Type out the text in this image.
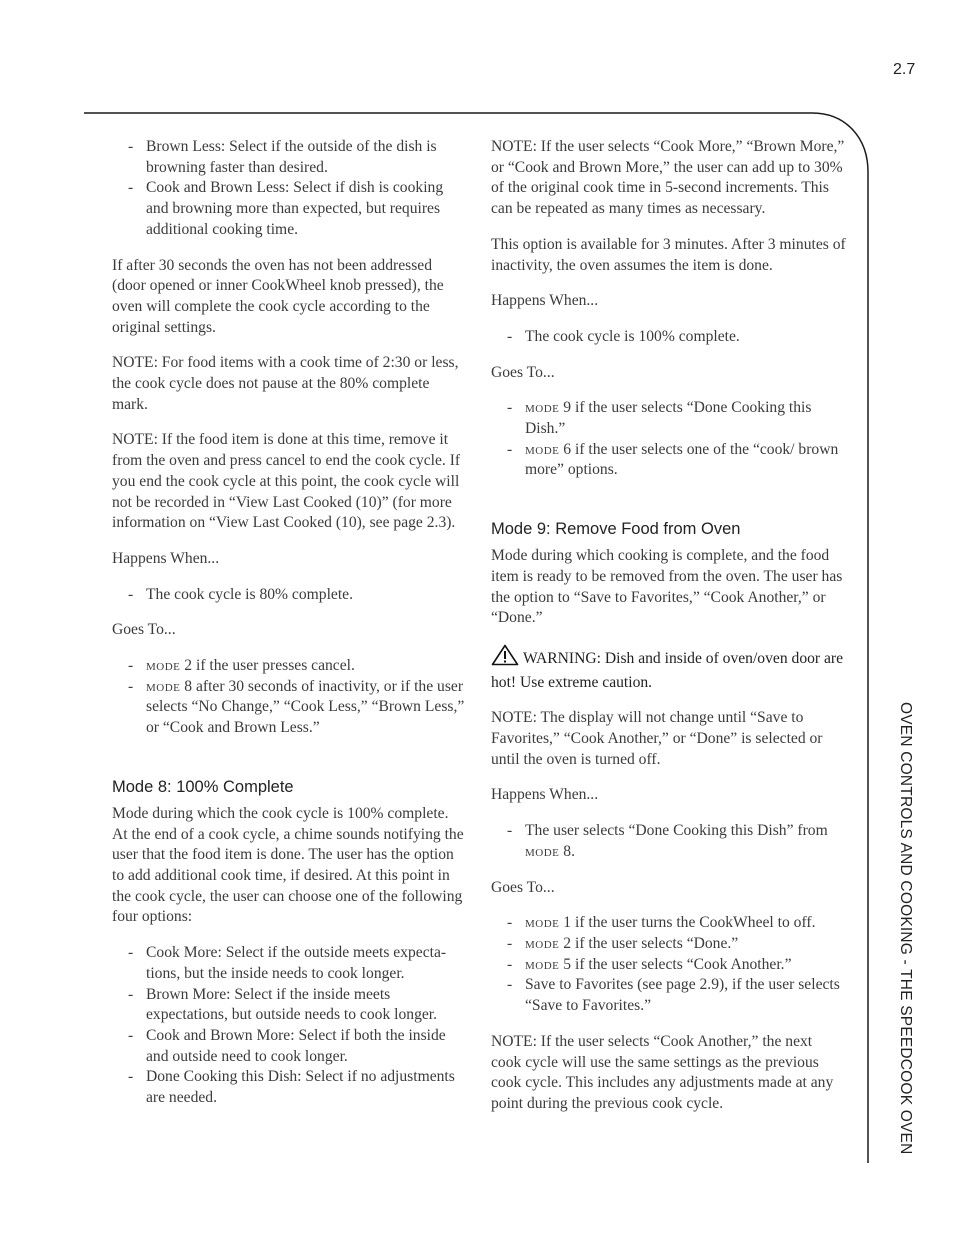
2.7
- Brown Less: Select if the outside of the dish is browning faster than desired.
- Cook and Brown Less: Select if dish is cooking and browning more than expected, but requires additional cooking time.

If after 30 seconds the oven has not been addressed (door opened or inner CookWheel knob pressed), the oven will complete the cook cycle according to the original settings.

NOTE: For food items with a cook time of 2:30 or less, the cook cycle does not pause at the 80% complete mark.

NOTE: If the food item is done at this time, remove it from the oven and press cancel to end the cook cycle. If you end the cook cycle at this point, the cook cycle will not be recorded in “View Last Cooked (10)” (for more information on “View Last Cooked (10), see page 2.3).

Happens When...

- The cook cycle is 80% complete.

Goes To...

- mode 2 if the user presses cancel.
- mode 8 after 30 seconds of inactivity, or if the user selects “No Change,” “Cook Less,” “Brown Less,” or “Cook and Brown Less.”
Mode 8: 100% Complete

Mode during which the cook cycle is 100% complete. At the end of a cook cycle, a chime sounds notifying the user that the food item is done. The user has the option to add additional cook time, if desired. At this point in the cook cycle, the user can choose one of the following four options:

- Cook More: Select if the outside meets expecta-tions, but the inside needs to cook longer.
- Brown More: Select if the inside meets expectations, but outside needs to cook longer.
- Cook and Brown More: Select if both the inside and outside need to cook longer.
- Done Cooking this Dish: Select if no adjustments are needed.

NOTE: If the user selects “Cook More,” “Brown More,” or “Cook and Brown More,” the user can add up to 30% of the original cook time in 5-second increments. This can be repeated as many times as necessary.

This option is available for 3 minutes. After 3 minutes of inactivity, the oven assumes the item is done.

Happens When...

- The cook cycle is 100% complete.

Goes To...

- mode 9 if the user selects “Done Cooking this Dish.”
- mode 6 if the user selects one of the “cook/ brown more” options.
Mode 9: Remove Food from Oven

Mode during which cooking is complete, and the food item is ready to be removed from the oven. The user has the option to “Save to Favorites,” “Cook Another,” or “Done.”

WARNING: Dish and inside of oven/oven door are hot! Use extreme caution.

NOTE: The display will not change until “Save to Favorites,” “Cook Another,” or “Done” is selected or until the oven is turned off.

Happens When...

- The user selects “Done Cooking this Dish” from mode 8.

Goes To...

- mode 1 if the user turns the CookWheel to off.
- mode 2 if the user selects “Done.”
- mode 5 if the user selects “Cook Another.”
- Save to Favorites (see page 2.9), if the user selects “Save to Favorites.”

NOTE: If the user selects “Cook Another,” the next cook cycle will use the same settings as the previous cook cycle. This includes any adjustments made at any point during the previous cook cycle.	OVEN CONTROLS AND COOKING - THE SPEEDCOOK OVEN
